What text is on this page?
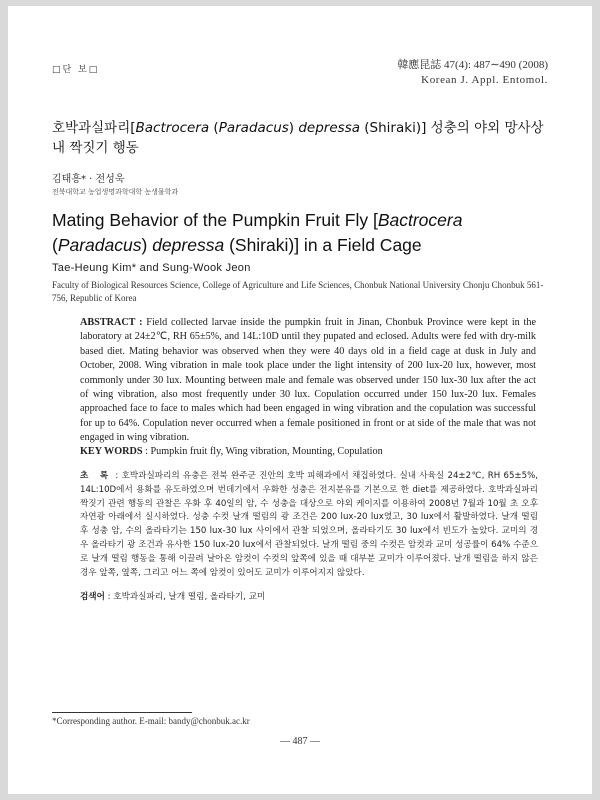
□단 보□	韓應昆誌 47(4): 487∼490 (2008)
Korean J. Appl. Entomol.
호박과실파리[Bactrocera (Paradacus) depressa (Shiraki)] 성충의 야외 망사상 내 짝짓기 행동
김태흥* · 전성욱
전북대학교 농업생명과학대학 농생물학과
Mating Behavior of the Pumpkin Fruit Fly [Bactrocera (Paradacus) depressa (Shiraki)] in a Field Cage
Tae-Heung Kim* and Sung-Wook Jeon
Faculty of Biological Resources Science, College of Agriculture and Life Sciences, Chonbuk National University Chonju Chonbuk 561-756, Republic of Korea
ABSTRACT : Field collected larvae inside the pumpkin fruit in Jinan, Chonbuk Province were kept in the laboratory at 24±2℃, RH 65±5%, and 14L:10D until they pupated and eclosed. Adults were fed with dry-milk based diet. Mating behavior was observed when they were 40 days old in a field cage at dusk in July and October, 2008. Wing vibration in male took place under the light intensity of 200 lux-20 lux, however, most commonly under 30 lux. Mounting between male and female was observed under 150 lux-30 lux after the act of wing vibration, also most frequently under 30 lux. Copulation occurred under 150 lux-20 lux. Females approached face to face to males which had been engaged in wing vibration and the copulation was successful for up to 64%. Copulation never occurred when a female positioned in front or at side of the male that was not engaged in wing vibration.
KEY WORDS : Pumpkin fruit fly, Wing vibration, Mounting, Copulation
초 록 : 호박과실파리의 유충은 전북 완주군 진안의 호박 피해과에서 채집하였다. 실내 사육실 24±2℃, RH 65±5%, 14L:10D에서 용화를 유도하였으며 번데기에서 우화한 성충은 전지분유를 기본으로 한 diet를 제공하였다. 호박과실파리 짝짓기 관련 행동의 관찰은 우화 후 40일의 암, 수 성충을 대상으로 야외 케이지를 이용하여 2008년 7월과 10월 초 오후 자연광 아래에서 실시하였다. 성충 수컷 날개 떨림의 광 조건은 200 lux-20 lux였고, 30 lux에서 활발하였다. 날개 떨림 후 성충 암, 수의 올라타기는 150 lux-30 lux 사이에서 관찰 되었으며, 올라타기도 30 lux에서 빈도가 높았다. 교미의 경우 올라타기 광 조건과 유사한 150 lux-20 lux에서 관찰되었다. 날개 떨림 중의 수컷은 암컷과 교미 성공률이 64% 수준으로 날개 떨림 행동을 통해 이끌려 날아온 암컷이 수컷의 앞쪽에 있을 때 대부분 교미가 이루어졌다. 날개 떨림을 하지 않은 경우 앞쪽, 옆쪽, 그리고 어느 쪽에 암컷이 있어도 교미가 이루어지지 않았다.
검색어 : 호박과실파리, 날개 떨림, 올라타기, 교미
*Corresponding author. E-mail: bandy@chonbuk.ac.kr
— 487 —
